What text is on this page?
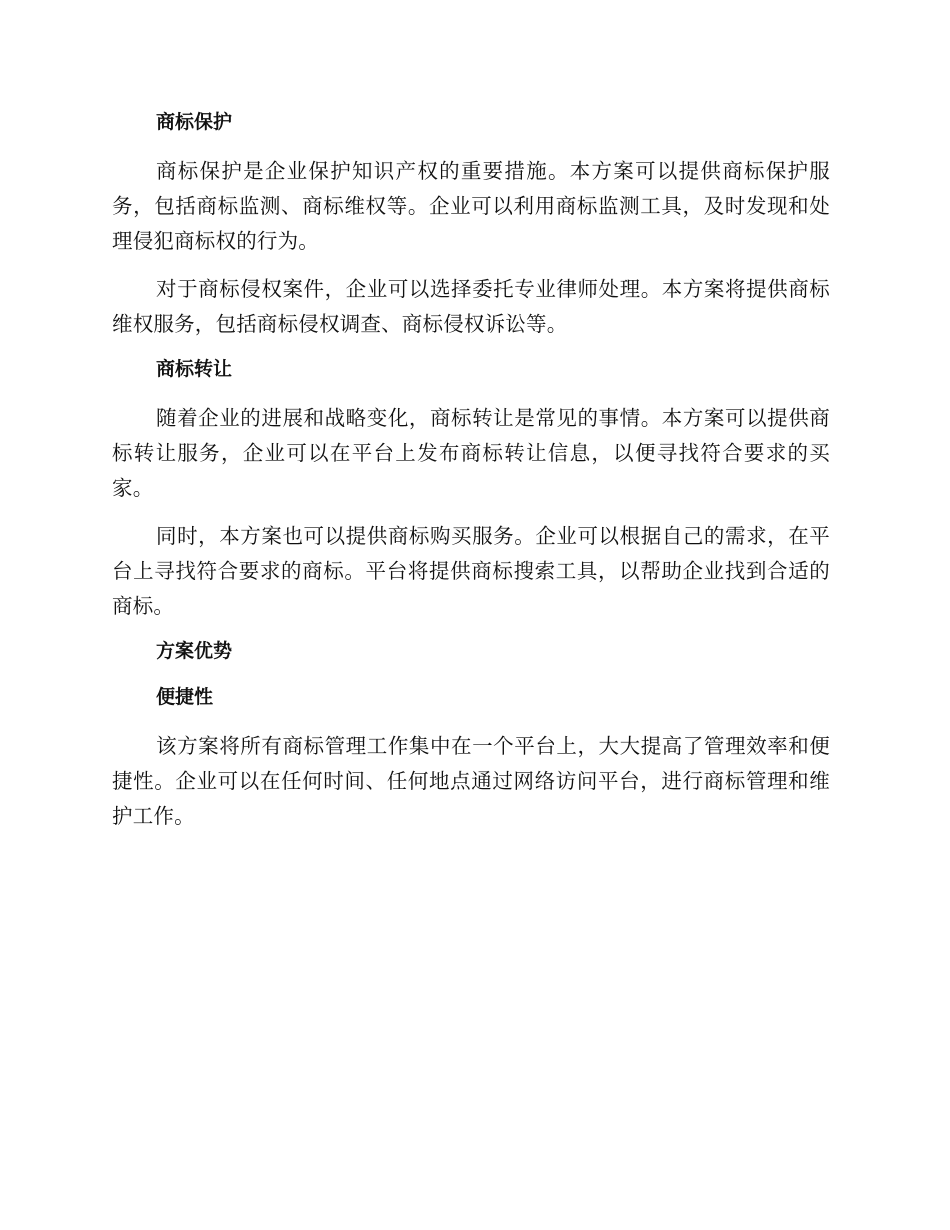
商标保护

商标保护是企业保护知识产权的重要措施。本方案可以提供商标保护服务，包括商标监测、商标维权等。企业可以利用商标监测工具，及时发现和处理侵犯商标权的行为。

对于商标侵权案件，企业可以选择委托专业律师处理。本方案将提供商标维权服务，包括商标侵权调查、商标侵权诉讼等。

商标转让

随着企业的进展和战略变化，商标转让是常见的事情。本方案可以提供商标转让服务，企业可以在平台上发布商标转让信息，以便寻找符合要求的买家。

同时，本方案也可以提供商标购买服务。企业可以根据自己的需求，在平台上寻找符合要求的商标。平台将提供商标搜索工具，以帮助企业找到合适的商标。

方案优势
便捷性

该方案将所有商标管理工作集中在一个平台上，大大提高了管理效率和便捷性。企业可以在任何时间、任何地点通过网络访问平台，进行商标管理和维护工作。
